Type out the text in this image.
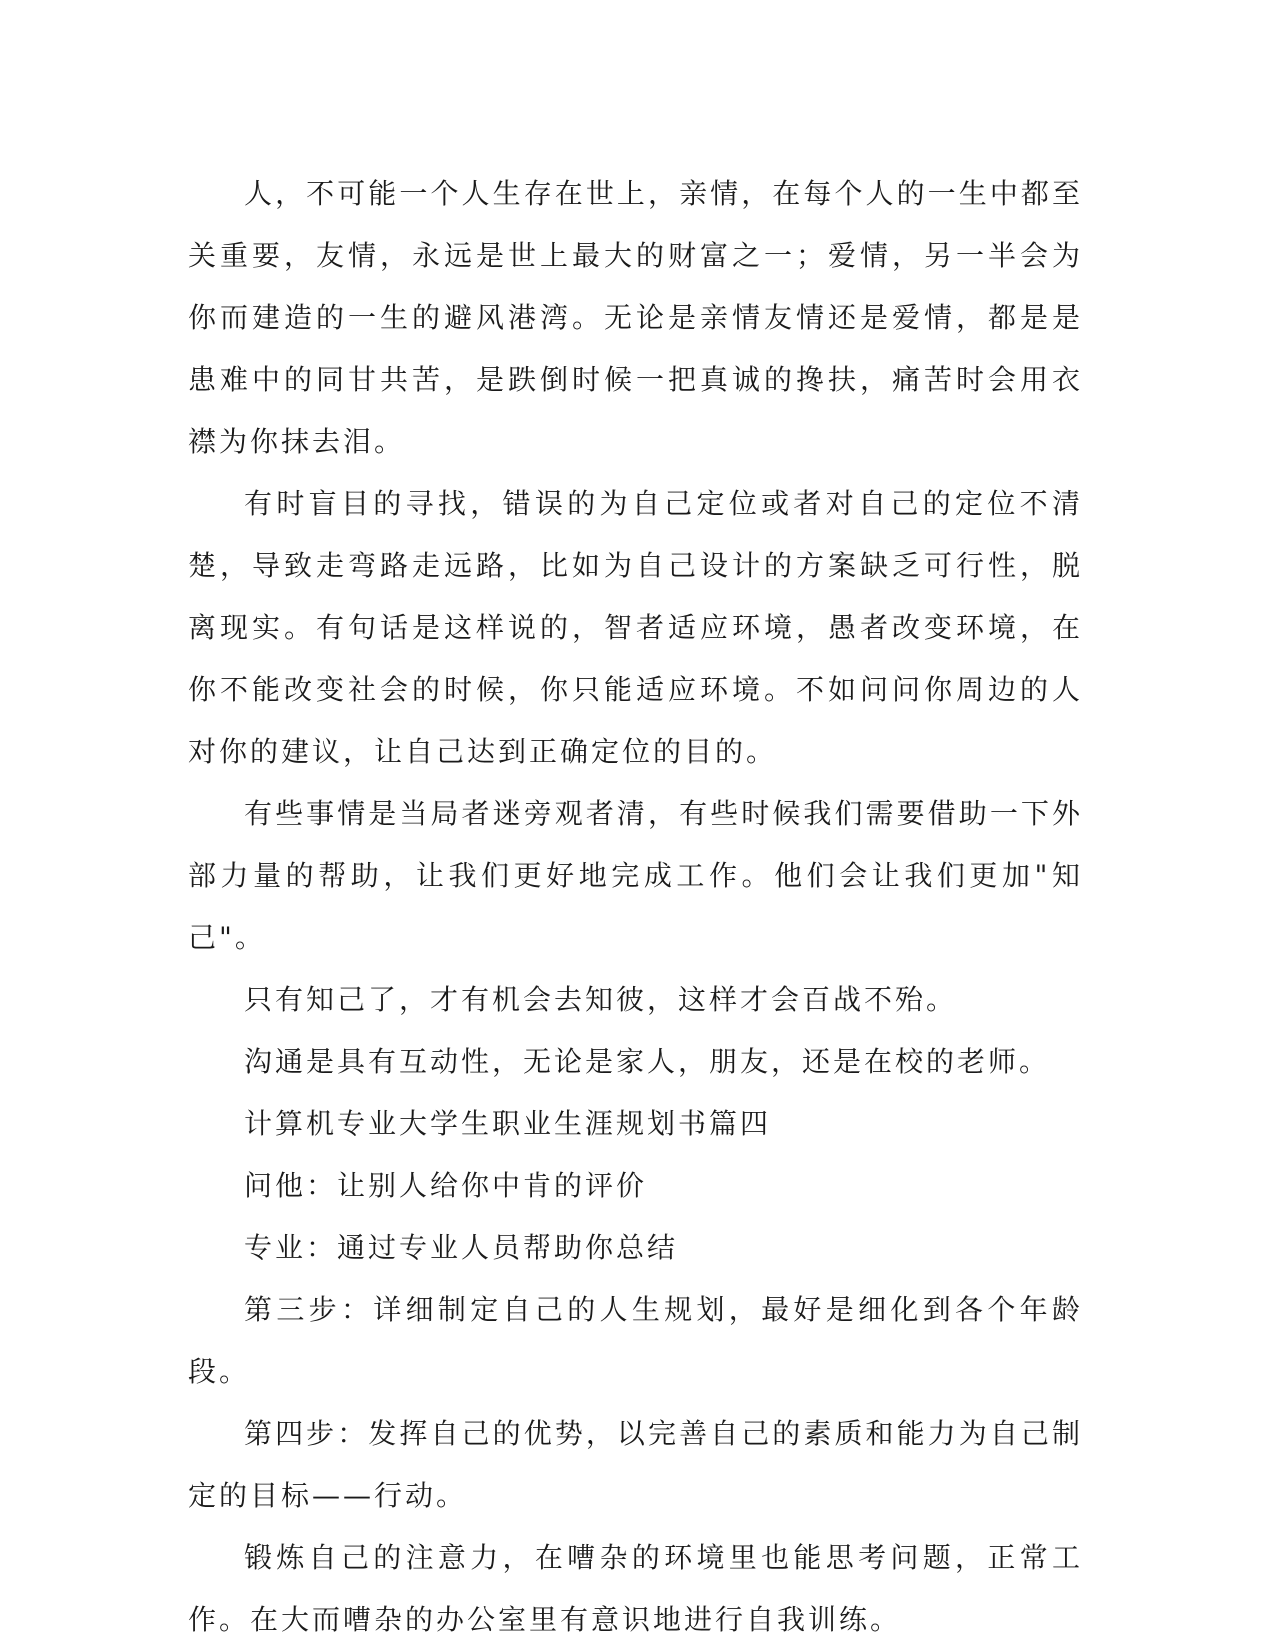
人，不可能一个人生存在世上，亲情，在每个人的一生中都至关重要，友情，永远是世上最大的财富之一；爱情，另一半会为你而建造的一生的避风港湾。无论是亲情友情还是爱情，都是是患难中的同甘共苦，是跌倒时候一把真诚的搀扶，痛苦时会用衣襟为你抹去泪。

有时盲目的寻找，错误的为自己定位或者对自己的定位不清楚，导致走弯路走远路，比如为自己设计的方案缺乏可行性，脱离现实。有句话是这样说的，智者适应环境，愚者改变环境，在你不能改变社会的时候，你只能适应环境。不如问问你周边的人对你的建议，让自己达到正确定位的目的。

有些事情是当局者迷旁观者清，有些时候我们需要借助一下外部力量的帮助，让我们更好地完成工作。他们会让我们更加"知己"。

只有知己了，才有机会去知彼，这样才会百战不殆。

沟通是具有互动性，无论是家人，朋友，还是在校的老师。

计算机专业大学生职业生涯规划书篇四

问他：让别人给你中肯的评价

专业：通过专业人员帮助你总结

第三步：详细制定自己的人生规划，最好是细化到各个年龄段。

第四步：发挥自己的优势，以完善自己的素质和能力为自己制定的目标——行动。

锻炼自己的注意力，在嘈杂的环境里也能思考问题，正常工作。在大而嘈杂的办公室里有意识地进行自我训练。
